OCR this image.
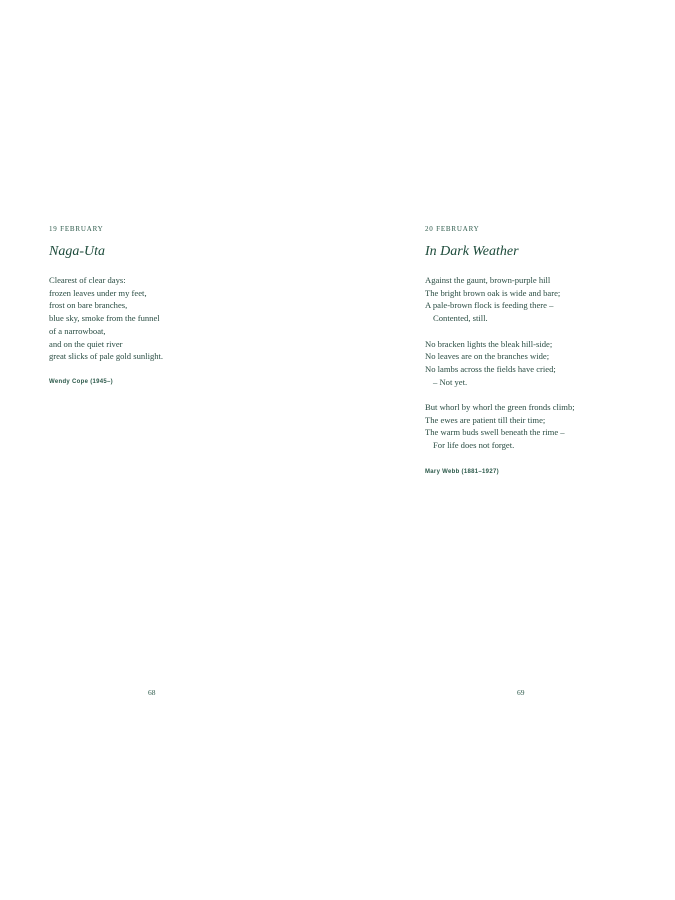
19 FEBRUARY
Naga-Uta
Clearest of clear days:
frozen leaves under my feet,
frost on bare branches,
blue sky, smoke from the funnel
of a narrowboat,
and on the quiet river
great slicks of pale gold sunlight.
Wendy Cope (1945–)
68
20 FEBRUARY
In Dark Weather
Against the gaunt, brown-purple hill
The bright brown oak is wide and bare;
A pale-brown flock is feeding there –
Contented, still.
No bracken lights the bleak hill-side;
No leaves are on the branches wide;
No lambs across the fields have cried;
– Not yet.
But whorl by whorl the green fronds climb;
The ewes are patient till their time;
The warm buds swell beneath the rime –
For life does not forget.
Mary Webb (1881–1927)
69
